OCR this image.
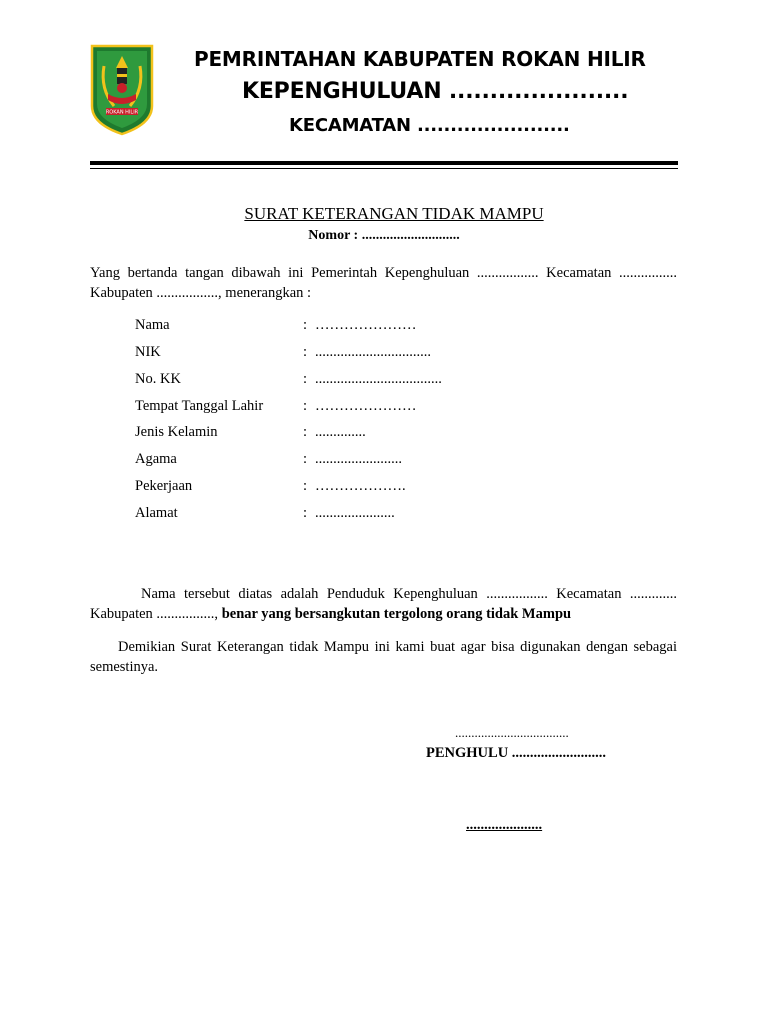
ROKAN HILIR
PEMRINTAHAN KABUPATEN ROKAN HILIR
KEPENGHULUAN ......................
KECAMATAN .......................
SURAT KETERANGAN TIDAK MAMPU
Nomor : ............................
Yang bertanda tangan dibawah ini Pemerintah Kepenghuluan ................. Kecamatan ................
Kabupaten ................., menerangkan :
Nama	: …………………
NIK	: ................................
No. KK	: ...................................
Tempat Tanggal Lahir	: …………………
Jenis Kelamin	: ..............
Agama	: ........................
Pekerjaan	: ……………….
Alamat	: ......................
Nama tersebut diatas adalah Penduduk Kepenghuluan ................. Kecamatan .............
Kabupaten ................, benar yang bersangkutan tergolong orang tidak Mampu
Demikian Surat Keterangan tidak Mampu ini kami buat agar bisa digunakan dengan sebagai
semestinya.
...................................
PENGHULU ..........................
.....................
